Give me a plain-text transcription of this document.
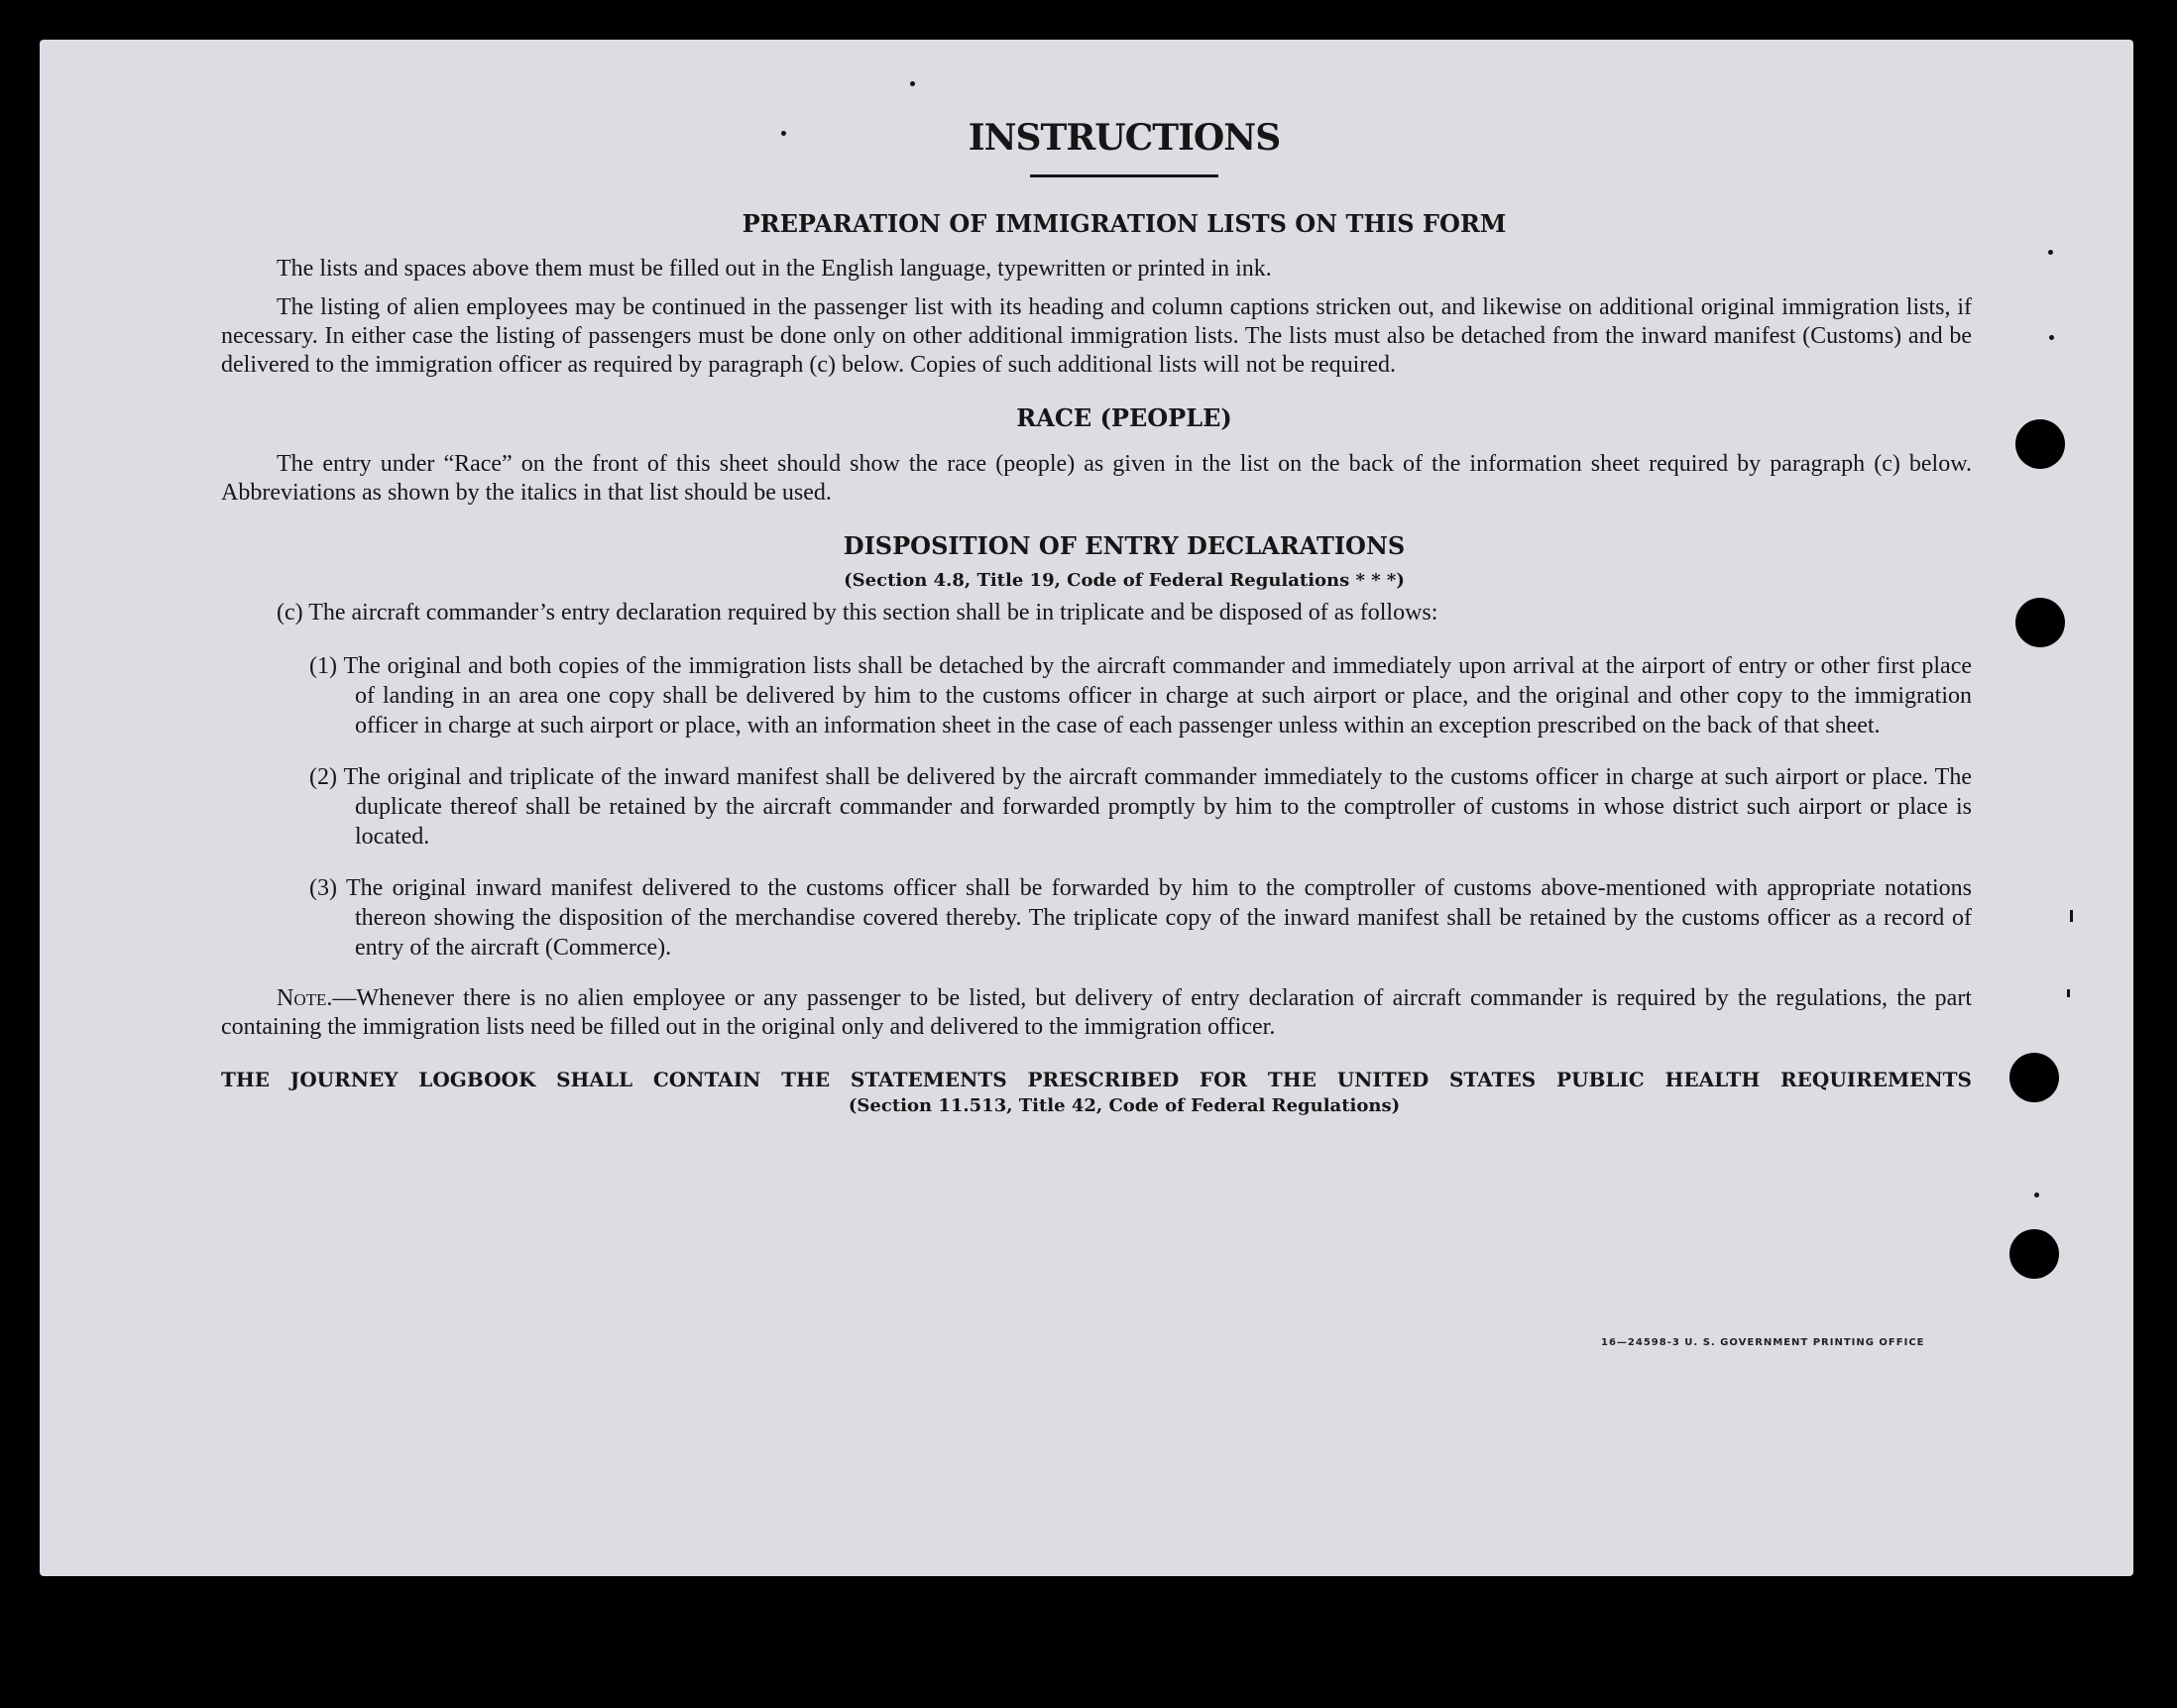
INSTRUCTIONS
PREPARATION OF IMMIGRATION LISTS ON THIS FORM

The lists and spaces above them must be filled out in the English language, typewritten or printed in ink.

The listing of alien employees may be continued in the passenger list with its heading and column captions stricken out, and likewise on additional original immigration lists, if necessary. In either case the listing of passengers must be done only on other additional immigration lists. The lists must also be detached from the inward manifest (Customs) and be delivered to the immigration officer as required by paragraph (c) below. Copies of such additional lists will not be required.

RACE (PEOPLE)

The entry under “Race” on the front of this sheet should show the race (people) as given in the list on the back of the information sheet required by paragraph (c) below. Abbreviations as shown by the italics in that list should be used.

DISPOSITION OF ENTRY DECLARATIONS

(Section 4.8, Title 19, Code of Federal Regulations * * *)

(c) The aircraft commander’s entry declaration required by this section shall be in triplicate and be disposed of as follows:

(1) The original and both copies of the immigration lists shall be detached by the aircraft commander and immediately upon arrival at the airport of entry or other first place of landing in an area one copy shall be delivered by him to the customs officer in charge at such airport or place, and the original and other copy to the immigration officer in charge at such airport or place, with an information sheet in the case of each passenger unless within an exception prescribed on the back of that sheet.

(2) The original and triplicate of the inward manifest shall be delivered by the aircraft commander immediately to the customs officer in charge at such airport or place. The duplicate thereof shall be retained by the aircraft commander and forwarded promptly by him to the comptroller of customs in whose district such airport or place is located.

(3) The original inward manifest delivered to the customs officer shall be forwarded by him to the comptroller of customs above-mentioned with appropriate notations thereon showing the disposition of the merchandise covered thereby. The triplicate copy of the inward manifest shall be retained by the customs officer as a record of entry of the aircraft (Commerce).

Note.—Whenever there is no alien employee or any passenger to be listed, but delivery of entry declaration of aircraft commander is required by the regulations, the part containing the immigration lists need be filled out in the original only and delivered to the immigration officer.

THE JOURNEY LOGBOOK SHALL CONTAIN THE STATEMENTS PRESCRIBED FOR THE UNITED STATES PUBLIC HEALTH REQUIREMENTS

(Section 11.513, Title 42, Code of Federal Regulations)

16—24598-3 U. S. GOVERNMENT PRINTING OFFICE
